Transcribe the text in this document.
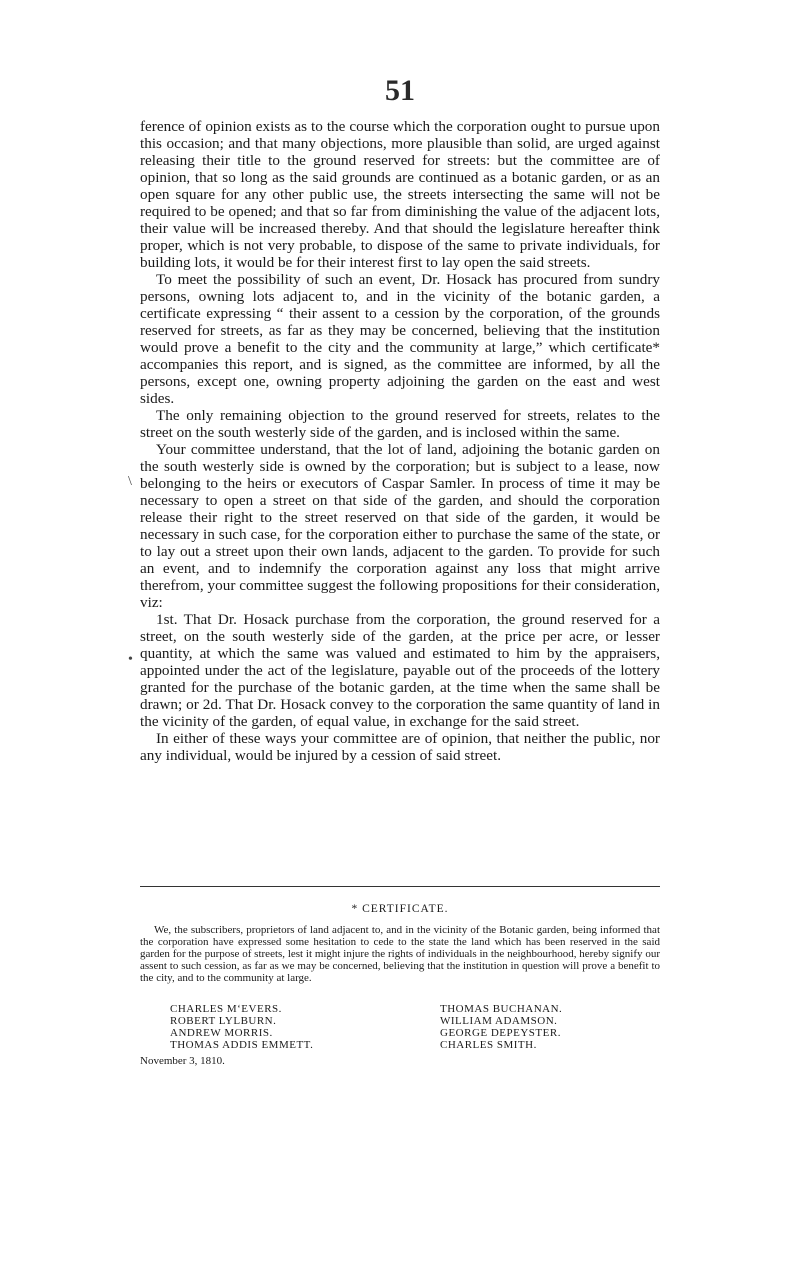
51

ference of opinion exists as to the course which the corporation ought to pursue upon this occasion; and that many objections, more plausible than solid, are urged against releasing their title to the ground reserved for streets: but the committee are of opinion, that so long as the said grounds are continued as a botanic garden, or as an open square for any other public use, the streets intersecting the same will not be required to be opened; and that so far from diminishing the value of the adjacent lots, their value will be increased thereby. And that should the legislature hereafter think proper, which is not very probable, to dispose of the same to private individuals, for building lots, it would be for their interest first to lay open the said streets.

To meet the possibility of such an event, Dr. Hosack has procured from sundry persons, owning lots adjacent to, and in the vicinity of the botanic garden, a certificate expressing “ their assent to a cession by the corporation, of the grounds reserved for streets, as far as they may be concerned, believing that the institution would prove a benefit to the city and the community at large,” which certificate* accompanies this report, and is signed, as the committee are informed, by all the persons, except one, owning property adjoining the garden on the east and west sides.

The only remaining objection to the ground reserved for streets, relates to the street on the south westerly side of the garden, and is inclosed within the same.

Your committee understand, that the lot of land, adjoining the botanic garden on the south westerly side is owned by the corporation; but is subject to a lease, now belonging to the heirs or executors of Caspar Samler. In process of time it may be necessary to open a street on that side of the garden, and should the corporation release their right to the street reserved on that side of the garden, it would be necessary in such case, for the corporation either to purchase the same of the state, or to lay out a street upon their own lands, adjacent to the garden. To provide for such an event, and to indemnify the corporation against any loss that might arrive therefrom, your committee suggest the following propositions for their consideration, viz:

1st. That Dr. Hosack purchase from the corporation, the ground reserved for a street, on the south westerly side of the garden, at the price per acre, or lesser quantity, at which the same was valued and estimated to him by the appraisers, appointed under the act of the legislature, payable out of the proceeds of the lottery granted for the purchase of the botanic garden, at the time when the same shall be drawn; or 2d. That Dr. Hosack convey to the corporation the same quantity of land in the vicinity of the garden, of equal value, in exchange for the said street.

In either of these ways your committee are of opinion, that neither the public, nor any individual, would be injured by a cession of said street.

\
•
* CERTIFICATE.

We, the subscribers, proprietors of land adjacent to, and in the vicinity of the Botanic garden, being informed that the corporation have expressed some hesitation to cede to the state the land which has been reserved in the said garden for the purpose of streets, lest it might injure the rights of individuals in the neighbourhood, hereby signify our assent to such cession, as far as we may be concerned, believing that the institution in question will prove a benefit to the city, and to the community at large.

CHARLES M‘EVERS.
ROBERT LYLBURN.
ANDREW MORRIS.
THOMAS ADDIS EMMETT.
THOMAS BUCHANAN.
WILLIAM ADAMSON.
GEORGE DEPEYSTER.
CHARLES SMITH.
November 3, 1810.
